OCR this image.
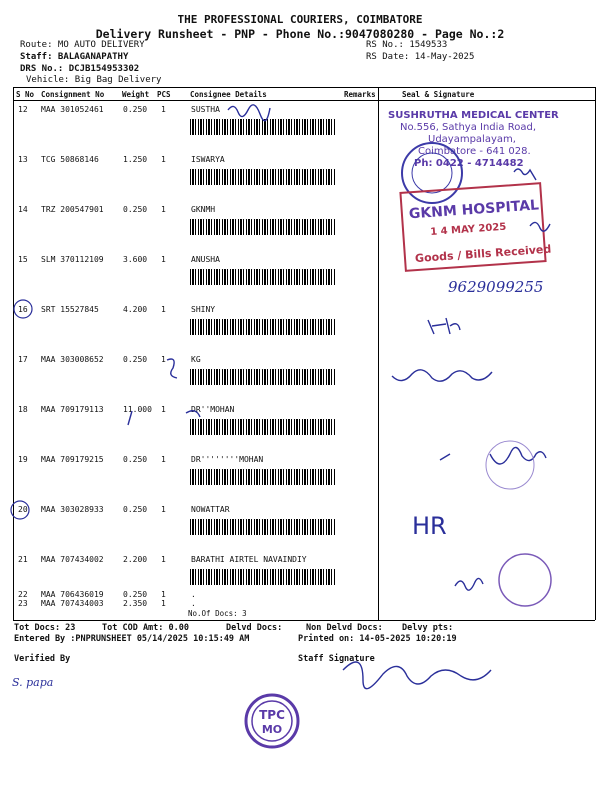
THE PROFESSIONAL COURIERS, COIMBATORE
Delivery Runsheet - PNP - Phone No.:9047080280 - Page No.:2
Route: MO AUTO DELIVERY
Staff: BALAGANAPATHY
DRS No.: DCJB154953302
Vehicle: Big Bag Delivery
RS No.: 1549533
RS Date: 14-May-2025
S No Consignment No Weight PCS	Consignee Details	Remarks	Seal & Signature
12 MAA 301052461 0.250 1	SUSTHA
13 TCG 50868146	1.250 1	ISWARYA
14 TRZ 200547901 0.250 1	GKNMH
15 SLM 370112109 3.600 1	ANUSHA
16 SRT 15527845	4.200 1	SHINY
17 MAA 303008652 0.250 1	KG
18 MAA 709179113 11.000 1	DR''MOHAN
19 MAA 709179215 0.250 1	DR''''''''MOHAN
20 MAA 303028933 0.250 1	NOWATTAR
21 MAA 707434002 2.200 1	BARATHI AIRTEL NAVAINDIY
22 MAA 706436019 0.250 1	.
23 MAA 707434003 2.350 1	.
No.Of Docs: 3
SUSHRUTHA MEDICAL CENTER
No.556, Sathya India Road,
Udayampalayam,
Coimbatore - 641 028.
Ph: 0422 - 4714482
GKNM HOSPITAL
1 4 MAY 2025
Goods / Bills Received
9629099255
HR
S. papa
TPC
MO
Tot Docs: 23	Tot COD Amt: 0.00	Delvd Docs:	Non Delvd Docs: Delvy pts:
Entered By :PNPRUNSHEET 05/14/2025 10:15:49 AM	Printed on: 14-05-2025 10:20:19
Verified By	Staff Signature
